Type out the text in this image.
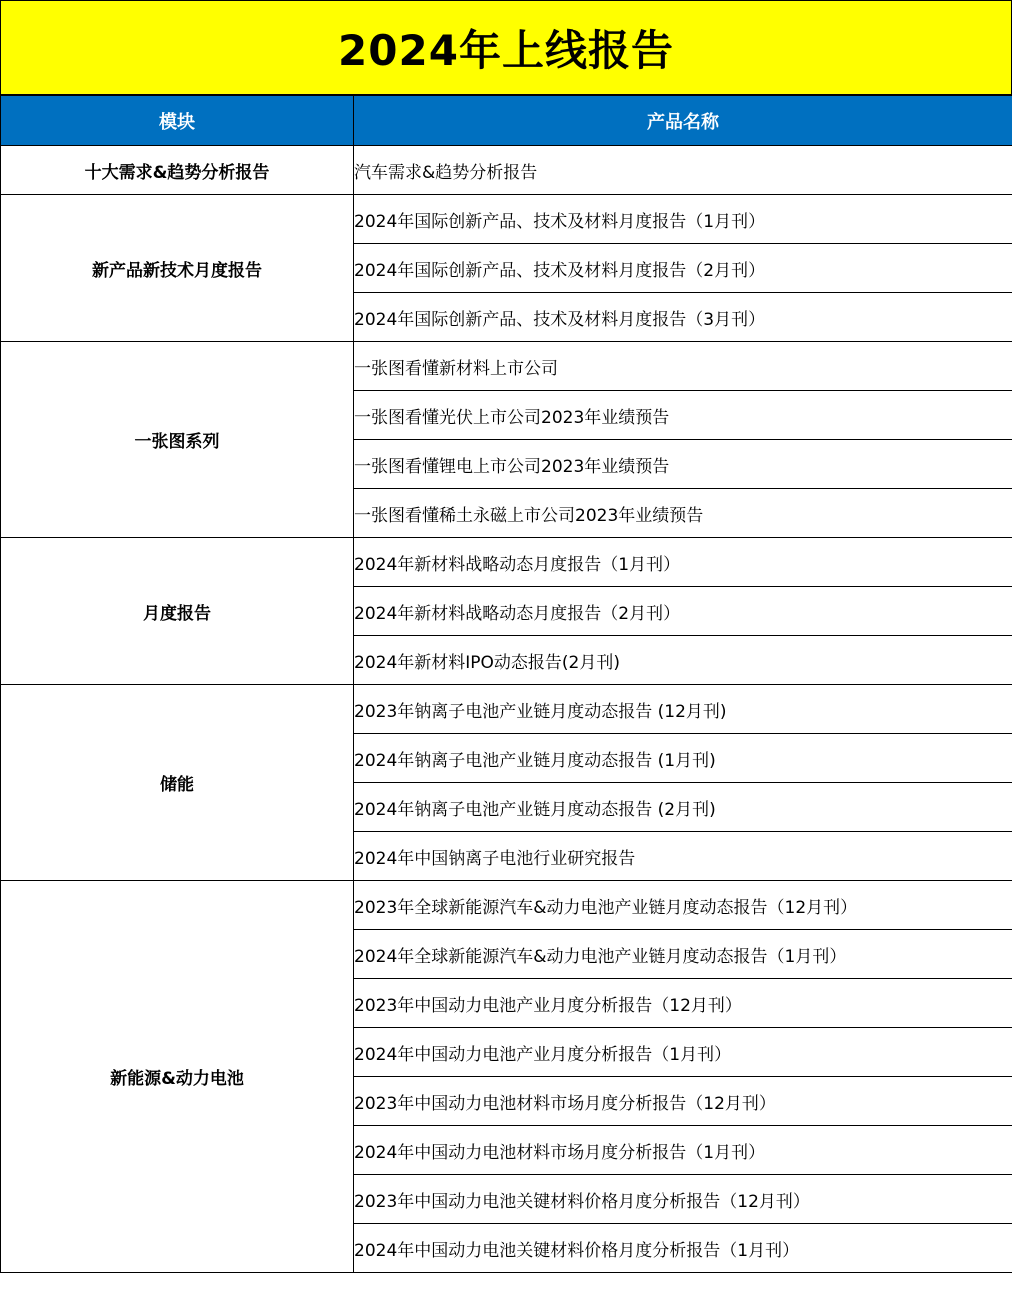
2024年上线报告
模块	产品名称
十大需求&趋势分析报告	汽车需求&趋势分析报告
新产品新技术月度报告	2024年国际创新产品、技术及材料月度报告（1月刊）
	2024年国际创新产品、技术及材料月度报告（2月刊）
	2024年国际创新产品、技术及材料月度报告（3月刊）
一张图系列	一张图看懂新材料上市公司
	一张图看懂光伏上市公司2023年业绩预告
	一张图看懂锂电上市公司2023年业绩预告
	一张图看懂稀土永磁上市公司2023年业绩预告
月度报告	2024年新材料战略动态月度报告（1月刊）
	2024年新材料战略动态月度报告（2月刊）
	2024年新材料IPO动态报告(2月刊)
储能	2023年钠离子电池产业链月度动态报告 (12月刊)
	2024年钠离子电池产业链月度动态报告 (1月刊)
	2024年钠离子电池产业链月度动态报告 (2月刊)
	2024年中国钠离子电池行业研究报告
新能源&动力电池	2023年全球新能源汽车&动力电池产业链月度动态报告（12月刊）
	2024年全球新能源汽车&动力电池产业链月度动态报告（1月刊）
	2023年中国动力电池产业月度分析报告（12月刊）
	2024年中国动力电池产业月度分析报告（1月刊）
	2023年中国动力电池材料市场月度分析报告（12月刊）
	2024年中国动力电池材料市场月度分析报告（1月刊）
	2023年中国动力电池关键材料价格月度分析报告（12月刊）
	2024年中国动力电池关键材料价格月度分析报告（1月刊）
